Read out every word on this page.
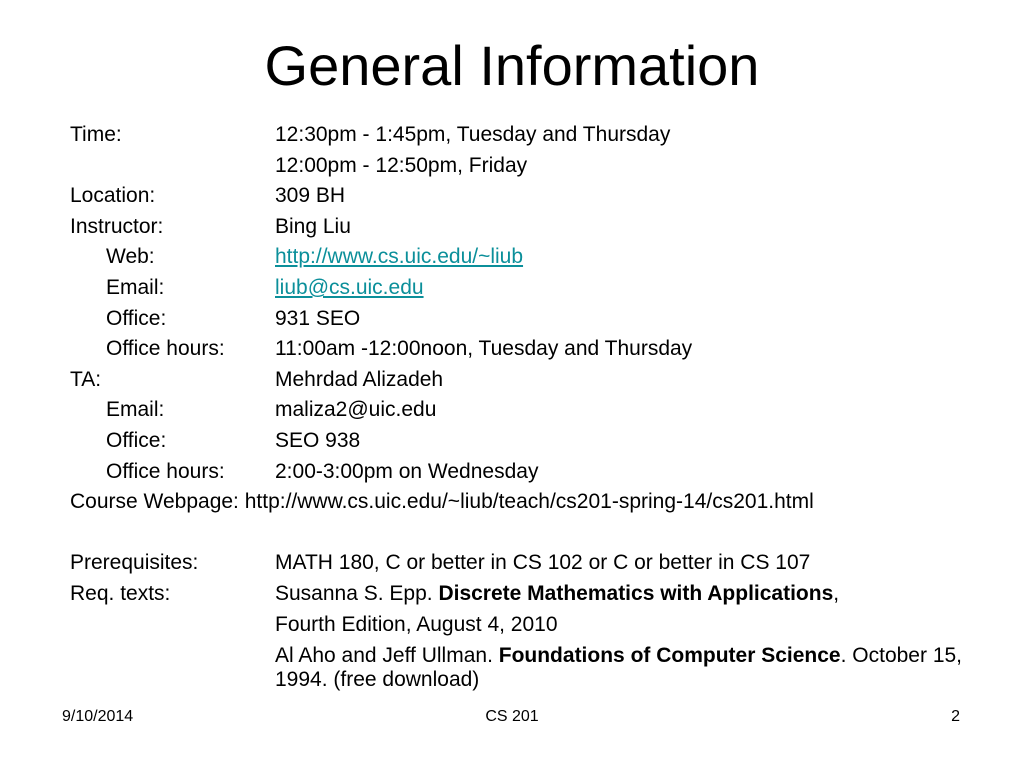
General Information
Time:	12:30pm - 1:45pm, Tuesday and Thursday
12:00pm - 12:50pm, Friday
Location:	309 BH
Instructor:	Bing Liu
Web:	http://www.cs.uic.edu/~liub
Email:	liub@cs.uic.edu
Office:	931 SEO
Office hours: 11:00am -12:00noon, Tuesday and Thursday
TA:	Mehrdad Alizadeh
Email:	maliza2@uic.edu
Office:	SEO 938
Office hours: 2:00-3:00pm on Wednesday
Course Webpage: http://www.cs.uic.edu/~liub/teach/cs201-spring-14/cs201.html
Prerequisites:	MATH 180, C or better in CS 102 or C or better in CS 107
Req. texts:	Susanna S. Epp. Discrete Mathematics with Applications,
Fourth Edition, August 4, 2010
Al Aho and Jeff Ullman. Foundations of Computer Science. October 15, 1994. (free download)
9/10/2014	CS 201	2
